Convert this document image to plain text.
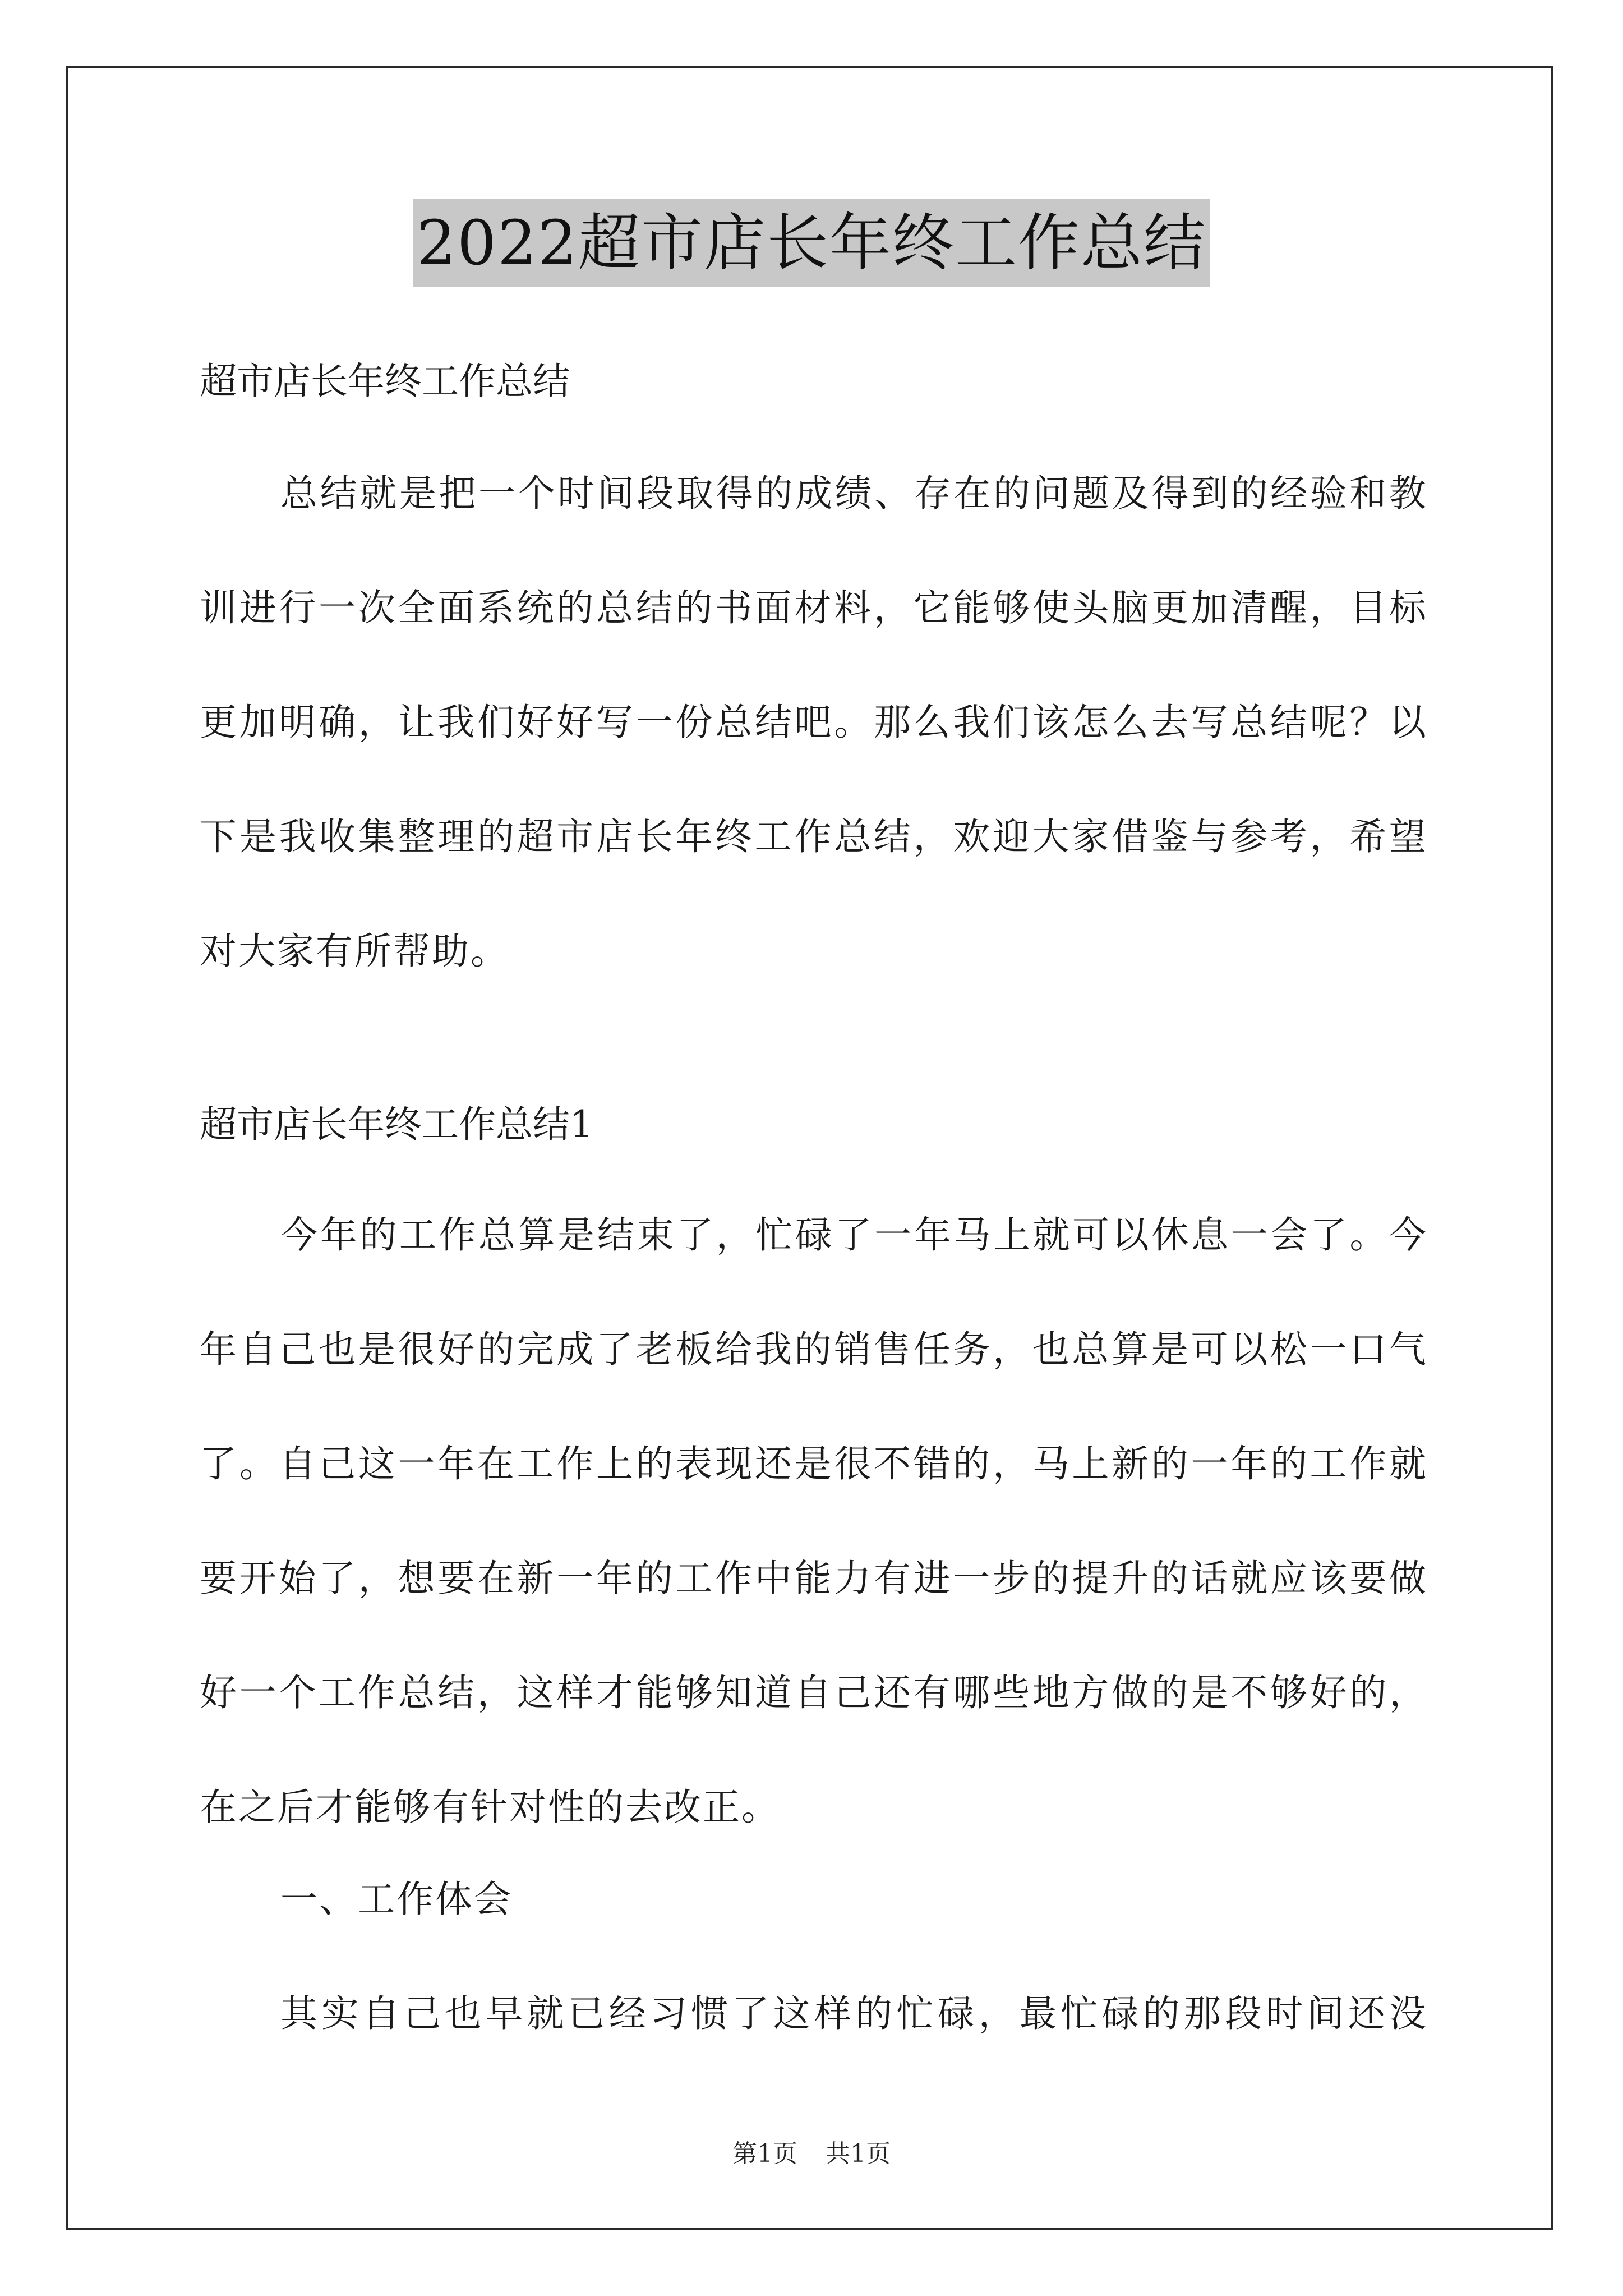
2022超市店长年终工作总结
超市店长年终工作总结
总结就是把一个时间段取得的成绩、存在的问题及得到的经验和教训进行一次全面系统的总结的书面材料，它能够使头脑更加清醒，目标更加明确，让我们好好写一份总结吧。那么我们该怎么去写总结呢？以下是我收集整理的超市店长年终工作总结，欢迎大家借鉴与参考，希望对大家有所帮助。
超市店长年终工作总结1
今年的工作总算是结束了，忙碌了一年马上就可以休息一会了。今年自己也是很好的完成了老板给我的销售任务，也总算是可以松一口气了。自己这一年在工作上的表现还是很不错的，马上新的一年的工作就要开始了，想要在新一年的工作中能力有进一步的提升的话就应该要做好一个工作总结，这样才能够知道自己还有哪些地方做的是不够好的，在之后才能够有针对性的去改正。
一、工作体会
其实自己也早就已经习惯了这样的忙碌，最忙碌的那段时间还没
第1页 共1页
